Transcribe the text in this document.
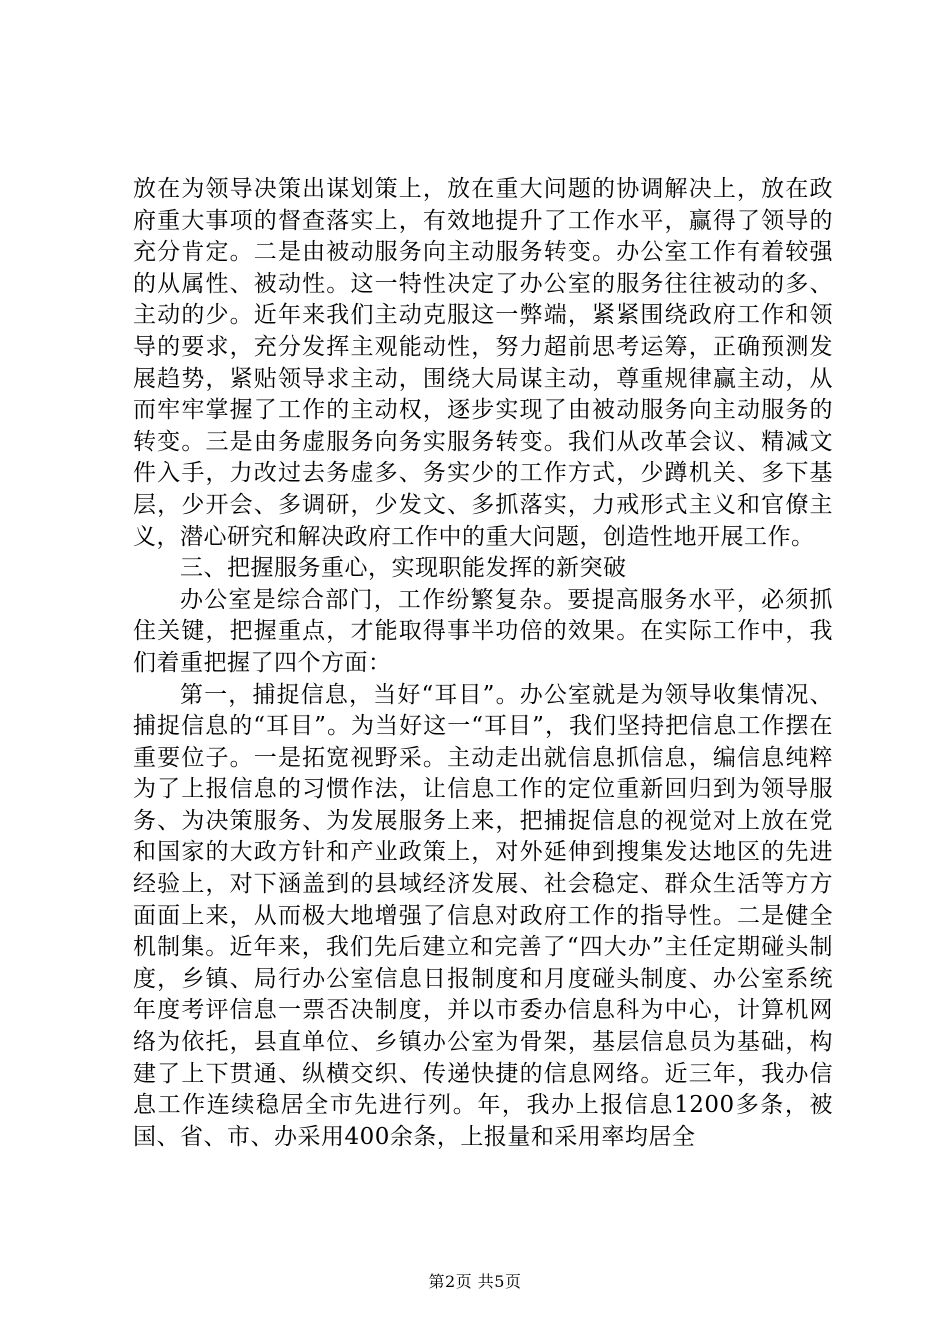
放在为领导决策出谋划策上，放在重大问题的协调解决上，放在政府重大事项的督查落实上，有效地提升了工作水平，赢得了领导的充分肯定。二是由被动服务向主动服务转变。办公室工作有着较强的从属性、被动性。这一特性决定了办公室的服务往往被动的多、主动的少。近年来我们主动克服这一弊端，紧紧围绕政府工作和领导的要求，充分发挥主观能动性，努力超前思考运筹，正确预测发展趋势，紧贴领导求主动，围绕大局谋主动，尊重规律赢主动，从而牢牢掌握了工作的主动权，逐步实现了由被动服务向主动服务的转变。三是由务虚服务向务实服务转变。我们从改革会议、精减文件入手，力改过去务虚多、务实少的工作方式，少蹲机关、多下基层，少开会、多调研，少发文、多抓落实，力戒形式主义和官僚主义，潜心研究和解决政府工作中的重大问题，创造性地开展工作。

三、把握服务重心，实现职能发挥的新突破

办公室是综合部门，工作纷繁复杂。要提高服务水平，必须抓住关键，把握重点，才能取得事半功倍的效果。在实际工作中，我们着重把握了四个方面：

第一，捕捉信息，当好“耳目”。办公室就是为领导收集情况、捕捉信息的“耳目”。为当好这一“耳目”，我们坚持把信息工作摆在重要位子。一是拓宽视野采。主动走出就信息抓信息，编信息纯粹为了上报信息的习惯作法，让信息工作的定位重新回归到为领导服务、为决策服务、为发展服务上来，把捕捉信息的视觉对上放在党和国家的大政方针和产业政策上，对外延伸到搜集发达地区的先进经验上，对下涵盖到的县域经济发展、社会稳定、群众生活等方方面面上来，从而极大地增强了信息对政府工作的指导性。二是健全机制集。近年来，我们先后建立和完善了“四大办”主任定期碰头制度，乡镇、局行办公室信息日报制度和月度碰头制度、办公室系统年度考评信息一票否决制度，并以市委办信息科为中心，计算机网络为依托，县直单位、乡镇办公室为骨架，基层信息员为基础，构建了上下贯通、纵横交织、传递快捷的信息网络。近三年，我办信息工作连续稳居全市先进行列。年，我办上报信息1200多条，被国、省、市、办采用400余条，上报量和采用率均居全

第2页 共5页
